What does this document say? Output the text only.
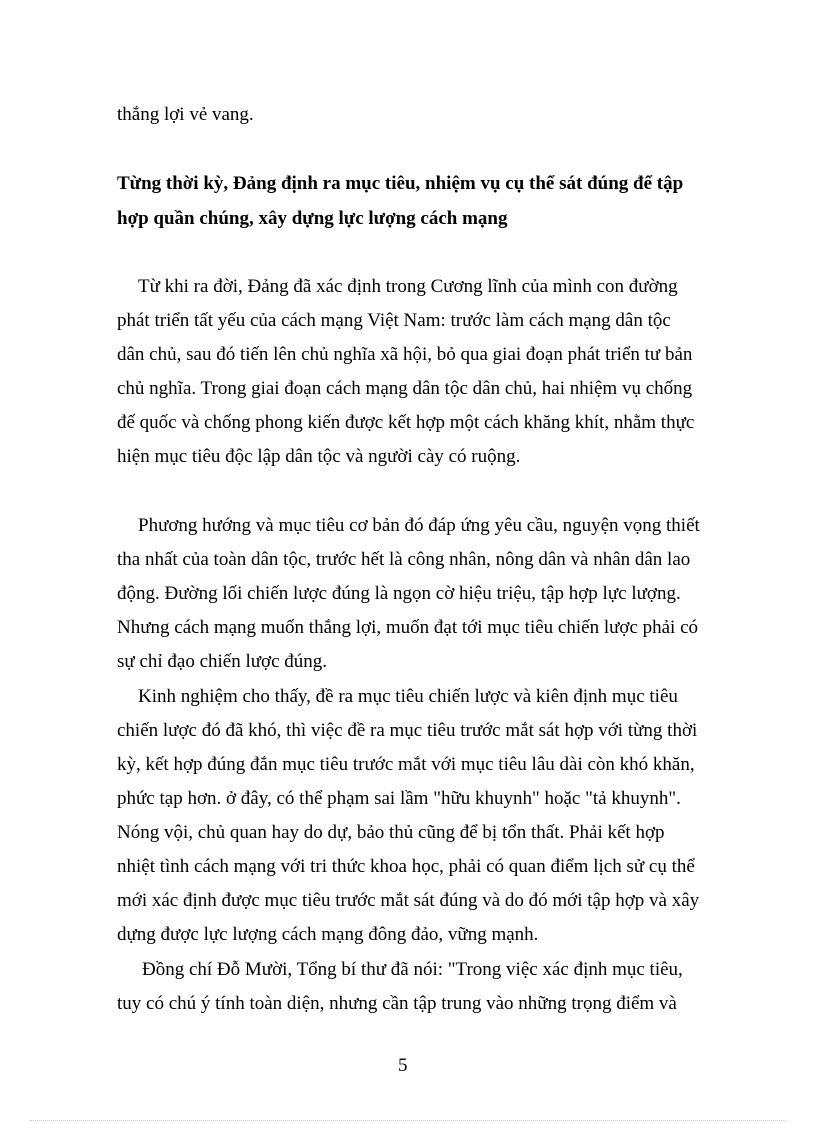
thắng lợi vẻ vang.
Từng thời kỳ, Đảng định ra mục tiêu, nhiệm vụ cụ thể sát đúng để tập
hợp quần chúng, xây dựng lực lượng cách mạng
Từ khi ra đời, Đảng đã xác định trong Cương lĩnh của mình con đường
phát triển tất yếu của cách mạng Việt Nam: trước làm cách mạng dân tộc
dân chủ, sau đó tiến lên chủ nghĩa xã hội, bỏ qua giai đoạn phát triển tư bản
chủ nghĩa. Trong giai đoạn cách mạng dân tộc dân chủ, hai nhiệm vụ chống
đế quốc và chống phong kiến được kết hợp một cách khăng khít, nhằm thực
hiện mục tiêu độc lập dân tộc và người cày có ruộng.
Phương hướng và mục tiêu cơ bản đó đáp ứng yêu cầu, nguyện vọng thiết
tha nhất của toàn dân tộc, trước hết là công nhân, nông dân và nhân dân lao
động. Đường lối chiến lược đúng là ngọn cờ hiệu triệu, tập hợp lực lượng.
Nhưng cách mạng muốn thắng lợi, muốn đạt tới mục tiêu chiến lược phải có
sự chỉ đạo chiến lược đúng.
Kinh nghiệm cho thấy, đề ra mục tiêu chiến lược và kiên định mục tiêu
chiến lược đó đã khó, thì việc đề ra mục tiêu trước mắt sát hợp với từng thời
kỳ, kết hợp đúng đắn mục tiêu trước mắt với mục tiêu lâu dài còn khó khăn,
phức tạp hơn. ở đây, có thể phạm sai lầm "hữu khuynh" hoặc "tả khuynh".
Nóng vội, chủ quan hay do dự, bảo thủ cũng để bị tổn thất. Phải kết hợp
nhiệt tình cách mạng với tri thức khoa học, phải có quan điểm lịch sử cụ thể
mới xác định được mục tiêu trước mắt sát đúng và do đó mới tập hợp và xây
dựng được lực lượng cách mạng đông đảo, vững mạnh.
Đồng chí Đỗ Mười, Tổng bí thư đã nói: "Trong việc xác định mục tiêu,
tuy có chú ý tính toàn diện, nhưng cần tập trung vào những trọng điểm và
5
